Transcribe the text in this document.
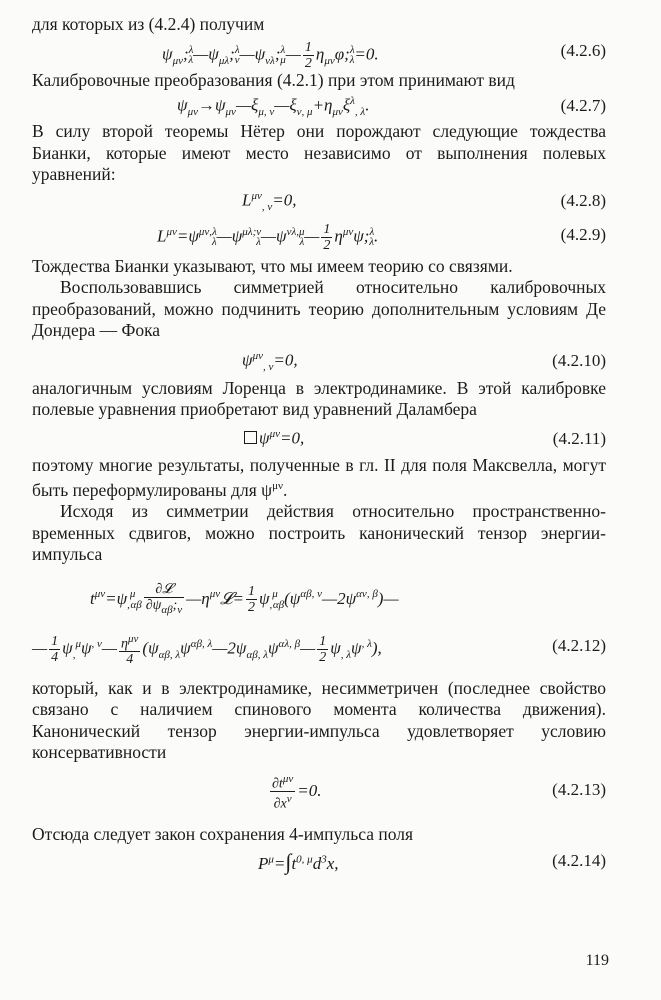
для которых из (4.2.4) получим

$\psi_{\mu\nu};^\lambda_\lambda—\psi_{\mu\lambda};^\lambda_\nu—\psi_{\nu\lambda};^\lambda_\mu— \frac{1}{2}$ $\eta_{\mu\nu}\varphi;^\lambda_\lambda=0$.	(4.2.6)

Калибровочные преобразования (4.2.1) при этом принимают вид

$\psi_{\mu\nu}\to\psi_{\mu\nu}—\xi_{\mu, \nu}—\xi_{\nu, \mu}+\eta_{\mu\nu}\xi^\lambda_{, \lambda}$.	(4.2.7)

В силу второй теоремы Нётер они порождают следующие тождества Бианки, которые имеют место независимо от выполнения полевых уравнений:

$L^{\mu\nu}_{, \nu}=0$,	(4.2.8)
$L^{\mu\nu}=\psi^{\mu\nu,\lambda}_\lambda—\psi^{\mu\lambda;\nu}_\lambda—\psi^{\nu\lambda,\mu}_\lambda— \frac{1}{2}$ $\eta^{\mu\nu}\psi;^\lambda_\lambda$.	(4.2.9)

Тождества Бианки указывают, что мы имеем теорию со связями.

Воспользовавшись симметрией относительно калибровочных преобразований, можно подчинить теорию дополнительным условиям Де Дондера — Фока

$\psi^{\mu\nu}_{, \nu}=0$,	(4.2.10)

аналогичным условиям Лоренца в электродинамике. В этой калибровке полевые уравнения приобретают вид уравнений Даламбера

$\psi^{\mu\nu}=0$,	(4.2.11)

поэтому многие результаты, полученные в гл. II для поля Максвелла, могут быть переформулированы для $\psi^{\mu\nu}$.

Исходя из симметрии действия относительно пространственно-временных сдвигов, можно построить канонический тензор энергии-импульса

$t^{\mu\nu}=\psi_,^\mu_{\alpha\beta} \frac{\text{∂𝓛}}{\partial\psi_{\alpha\beta};_\nu}$ $—\eta^{\mu\nu}𝓛= \frac{1}{2}$ $\psi_,^\mu_{\alpha\beta}(\psi^{\alpha\beta, \nu}—2\psi^{\alpha\nu, \beta})—$
— $\frac{1}{4}$ $\psi_,^\mu\psi^{, \nu}— \frac{\eta^{\mu\nu}}{4}$ $(\psi_{\alpha\beta, \lambda}\psi^{\alpha\beta, \lambda}—2\psi_{\alpha\beta, \lambda}\psi^{\alpha\lambda, \beta}— \frac{1}{2} \psi_{, \lambda}\psi^{, \lambda})$,	(4.2.12)

который, как и в электродинамике, несимметричен (последнее свойство связано с наличием спинового момента количества движения). Канонический тензор энергии-импульса удовлетворяет условию консервативности

$\frac{\partial t^{\mu\nu}}{\partial x^\nu} =0$.	(4.2.13)

Отсюда следует закон сохранения 4-импульса поля

$P^\mu=\int t^{0, \mu}d^3x$,	(4.2.14)
119
